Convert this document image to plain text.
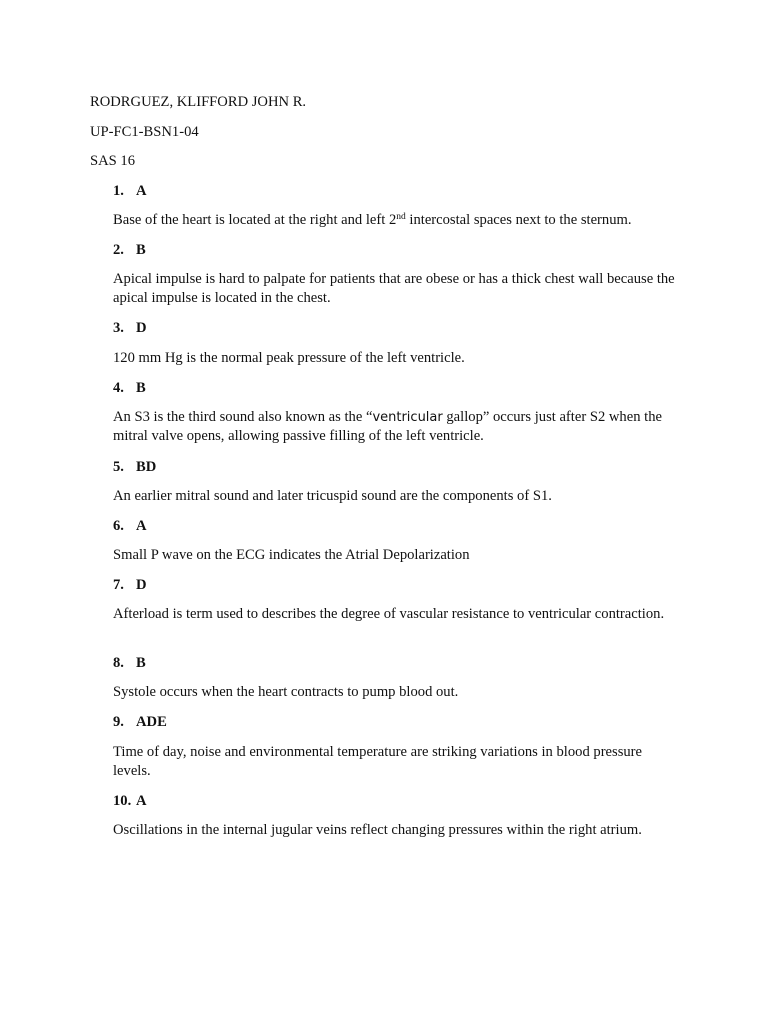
RODRGUEZ, KLIFFORD JOHN R.

UP-FC1-BSN1-04

SAS 16

1. A

Base of the heart is located at the right and left 2nd intercostal spaces next to the sternum.

2. B

Apical impulse is hard to palpate for patients that are obese or has a thick chest wall because the apical impulse is located in the chest.

3. D

120 mm Hg is the normal peak pressure of the left ventricle.

4. B

An S3 is the third sound also known as the “ventricular gallop” occurs just after S2 when the mitral valve opens, allowing passive filling of the left ventricle.

5. BD

An earlier mitral sound and later tricuspid sound are the components of S1.

6. A

Small P wave on the ECG indicates the Atrial Depolarization

7. D

Afterload is term used to describes the degree of vascular resistance to ventricular contraction.

8. B

Systole occurs when the heart contracts to pump blood out.

9. ADE

Time of day, noise and environmental temperature are striking variations in blood pressure levels.

10. A

Oscillations in the internal jugular veins reflect changing pressures within the right atrium.
